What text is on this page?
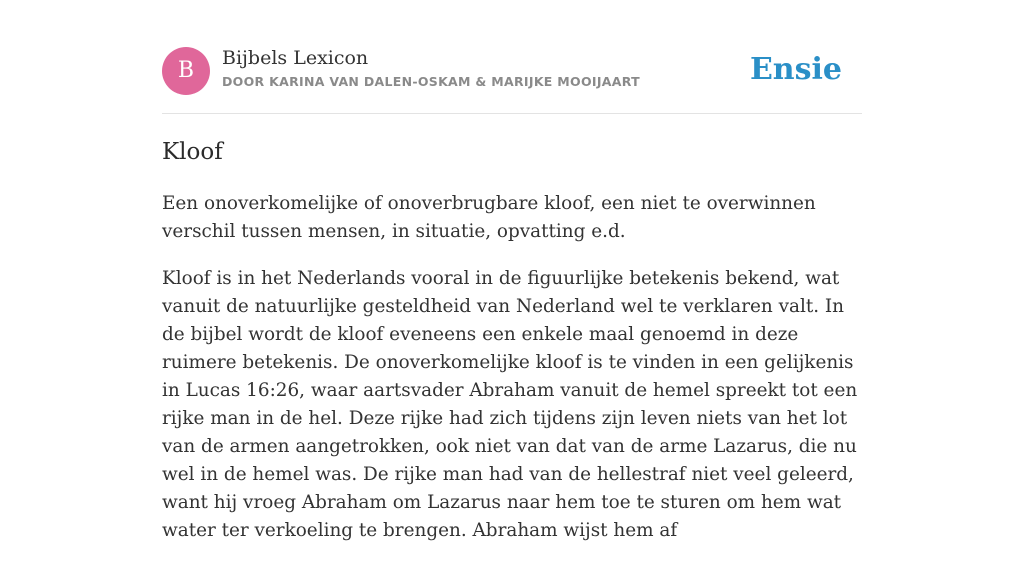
B	Bijbels Lexicon
DOOR KARINA VAN DALEN-OSKAM & MARIJKE MOOIJAART	Ensie
Kloof

Een onoverkomelijke of onoverbrugbare kloof, een niet te overwinnen verschil tussen mensen, in situatie, opvatting e.d.

Kloof is in het Nederlands vooral in de figuurlijke betekenis bekend, wat vanuit de natuurlijke gesteldheid van Nederland wel te verklaren valt. In de bijbel wordt de kloof eveneens een enkele maal genoemd in deze ruimere betekenis. De onoverkomelijke kloof is te vinden in een gelijkenis in Lucas 16:26, waar aartsvader Abraham vanuit de hemel spreekt tot een rijke man in de hel. Deze rijke had zich tijdens zijn leven niets van het lot van de armen aangetrokken, ook niet van dat van de arme Lazarus, die nu wel in de hemel was. De rijke man had van de hellestraf niet veel geleerd, want hij vroeg Abraham om Lazarus naar hem toe te sturen om hem wat water ter verkoeling te brengen. Abraham wijst hem af
